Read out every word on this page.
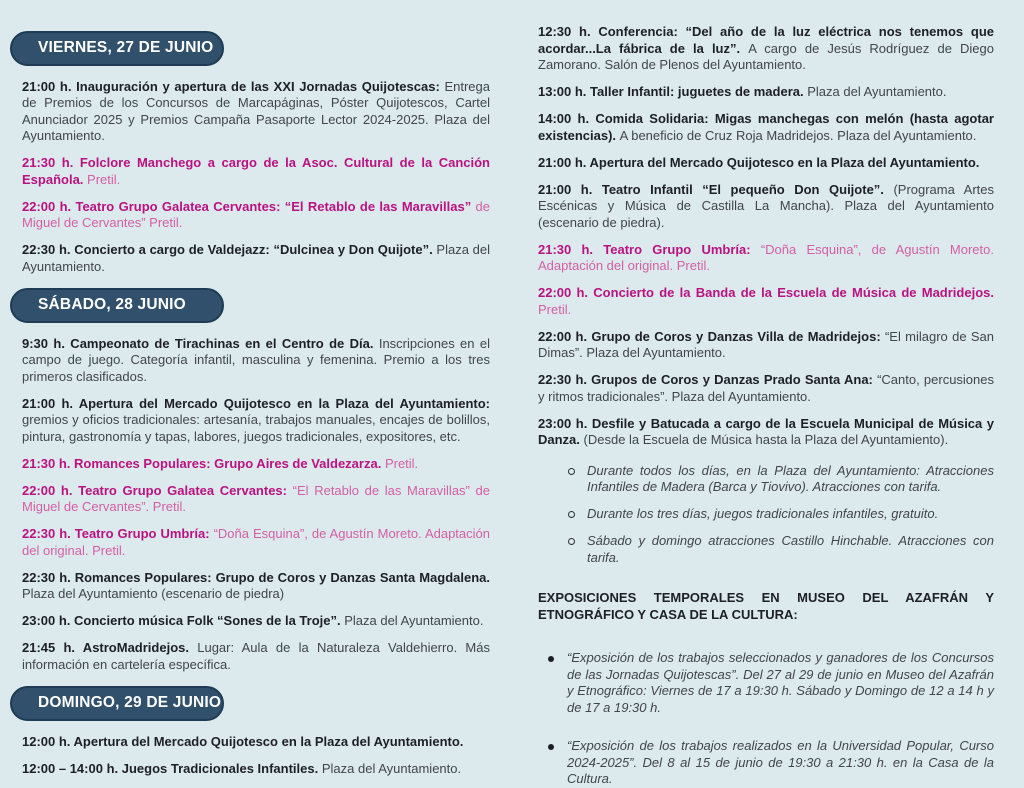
VIERNES, 27 DE JUNIO

21:00 h. Inauguración y apertura de las XXI Jornadas Quijotescas: Entrega de Premios de los Concursos de Marcapáginas, Póster Quijotescos, Cartel Anunciador 2025 y Premios Campaña Pasaporte Lector 2024-2025. Plaza del Ayuntamiento.

21:30 h. Folclore Manchego a cargo de la Asoc. Cultural de la Canción Española. Pretil.

22:00 h. Teatro Grupo Galatea Cervantes: “El Retablo de las Maravillas” de Miguel de Cervantes” Pretil.

22:30 h. Concierto a cargo de Valdejazz: “Dulcinea y Don Quijote”. Plaza del Ayuntamiento.

SÁBADO, 28 JUNIO

9:30 h. Campeonato de Tirachinas en el Centro de Día. Inscripciones en el campo de juego. Categoría infantil, masculina y femenina. Premio a los tres primeros clasificados.

21:00 h. Apertura del Mercado Quijotesco en la Plaza del Ayuntamiento: gremios y oficios tradicionales: artesanía, trabajos manuales, encajes de bolillos, pintura, gastronomía y tapas, labores, juegos tradicionales, expositores, etc.

21:30 h. Romances Populares: Grupo Aires de Valdezarza. Pretil.

22:00 h. Teatro Grupo Galatea Cervantes: “El Retablo de las Maravillas” de Miguel de Cervantes”. Pretil.

22:30 h. Teatro Grupo Umbría: “Doña Esquina”, de Agustín Moreto. Adaptación del original. Pretil.

22:30 h. Romances Populares: Grupo de Coros y Danzas Santa Magdalena. Plaza del Ayuntamiento (escenario de piedra)

23:00 h. Concierto música Folk “Sones de la Troje”. Plaza del Ayuntamiento.

21:45 h. AstroMadridejos. Lugar: Aula de la Naturaleza Valdehierro. Más información en cartelería específica.

DOMINGO, 29 DE JUNIO

12:00 h. Apertura del Mercado Quijotesco en la Plaza del Ayuntamiento.

12:00 – 14:00 h. Juegos Tradicionales Infantiles. Plaza del Ayuntamiento.

12:30 h. Conferencia: “Del año de la luz eléctrica nos tenemos que acordar...La fábrica de la luz”. A cargo de Jesús Rodríguez de Diego Zamorano. Salón de Plenos del Ayuntamiento.

13:00 h. Taller Infantil: juguetes de madera. Plaza del Ayuntamiento.

14:00 h. Comida Solidaria: Migas manchegas con melón (hasta agotar existencias). A beneficio de Cruz Roja Madridejos. Plaza del Ayuntamiento.

21:00 h. Apertura del Mercado Quijotesco en la Plaza del Ayuntamiento.

21:00 h. Teatro Infantil “El pequeño Don Quijote”. (Programa Artes Escénicas y Música de Castilla La Mancha). Plaza del Ayuntamiento (escenario de piedra).

21:30 h. Teatro Grupo Umbría: “Doña Esquina”, de Agustín Moreto. Adaptación del original. Pretil.

22:00 h. Concierto de la Banda de la Escuela de Música de Madridejos. Pretil.

22:00 h. Grupo de Coros y Danzas Villa de Madridejos: “El milagro de San Dimas”. Plaza del Ayuntamiento.

22:30 h. Grupos de Coros y Danzas Prado Santa Ana: “Canto, percusiones y ritmos tradicionales”. Plaza del Ayuntamiento.

23:00 h. Desfile y Batucada a cargo de la Escuela Municipal de Música y Danza. (Desde la Escuela de Música hasta la Plaza del Ayuntamiento).

Durante todos los días, en la Plaza del Ayuntamiento: Atracciones Infantiles de Madera (Barca y Tiovivo). Atracciones con tarifa.
Durante los tres días, juegos tradicionales infantiles, gratuito.
Sábado y domingo atracciones Castillo Hinchable. Atracciones con tarifa.

EXPOSICIONES TEMPORALES EN MUSEO DEL AZAFRÁN Y ETNOGRÁFICO Y CASA DE LA CULTURA:

“Exposición de los trabajos seleccionados y ganadores de los Concursos de las Jornadas Quijotescas”. Del 27 al 29 de junio en Museo del Azafrán y Etnográfico: Viernes de 17 a 19:30 h. Sábado y Domingo de 12 a 14 h y de 17 a 19:30 h.
“Exposición de los trabajos realizados en la Universidad Popular, Curso 2024-2025”. Del 8 al 15 de junio de 19:30 a 21:30 h. en la Casa de la Cultura.
